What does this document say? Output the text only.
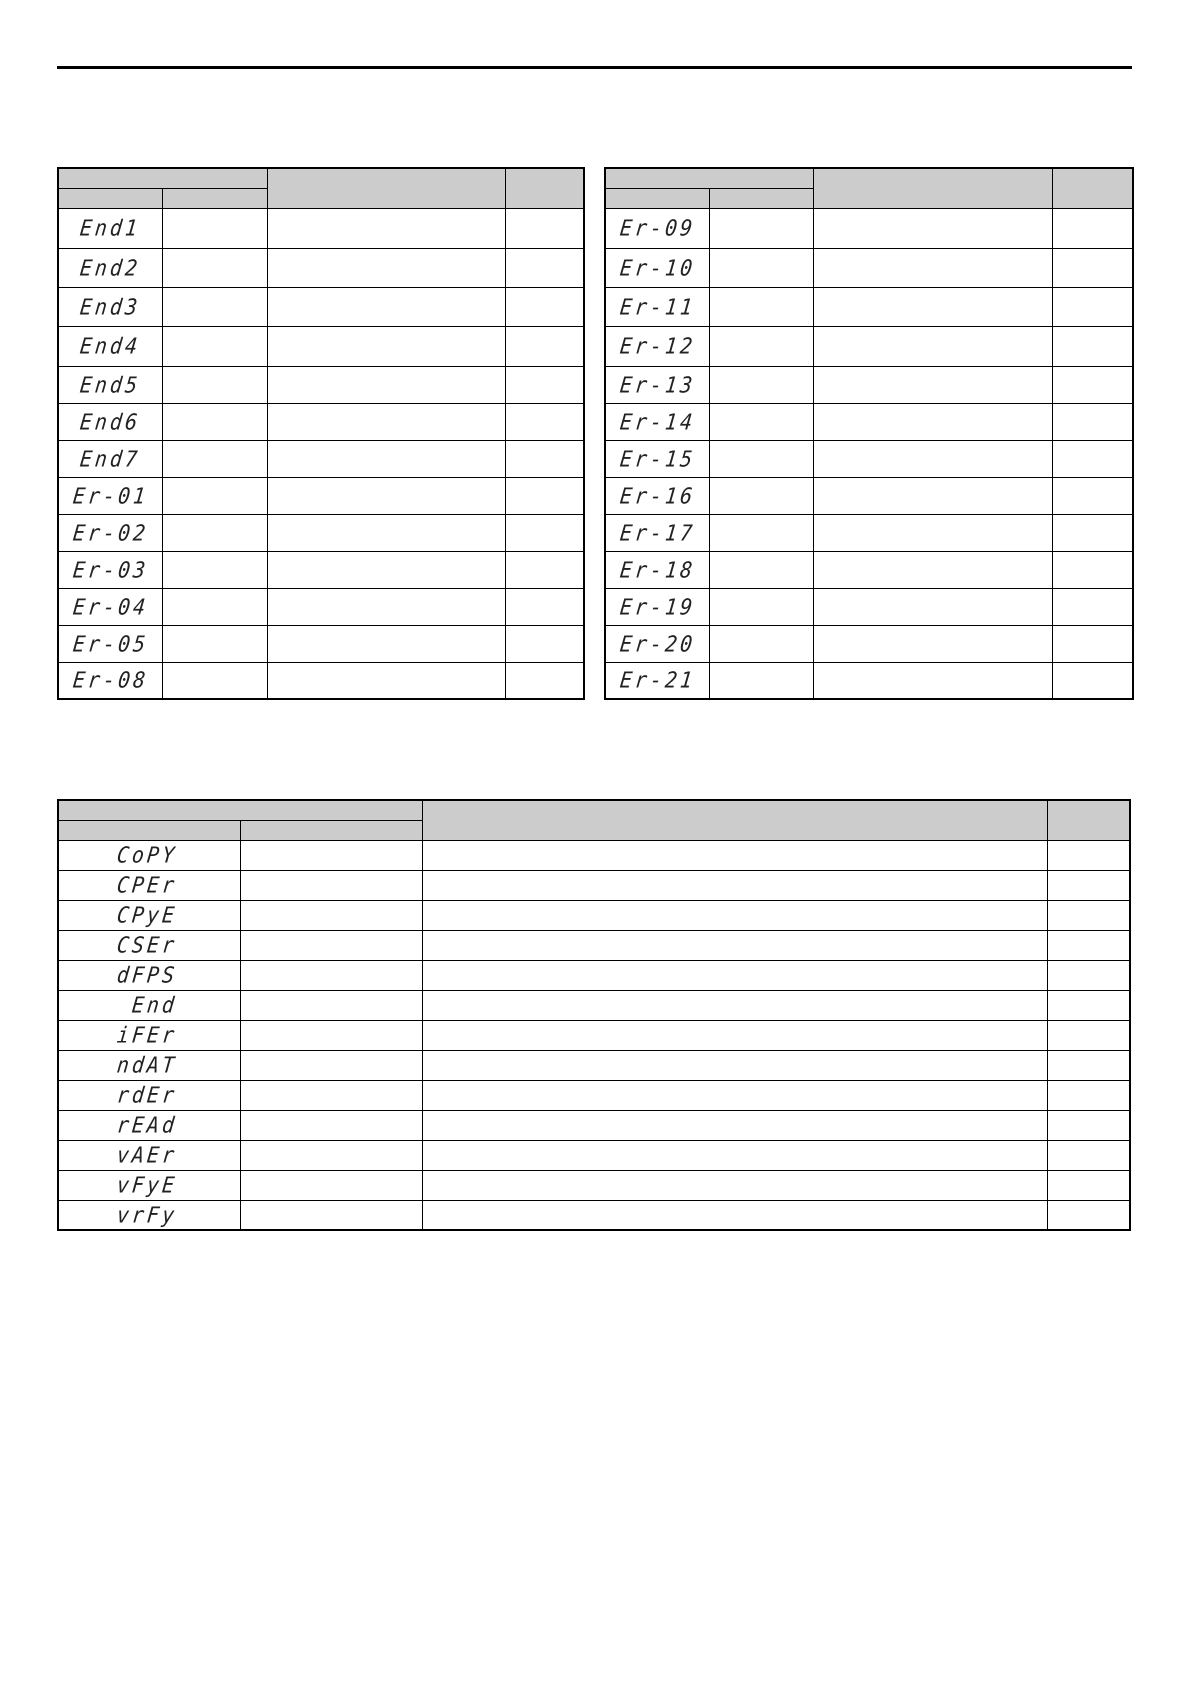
End1			
End2			
End3			
End4			
End5			
End6			
End7			
Er-01			
Er-02			
Er-03			
Er-04			
Er-05			
Er-08			

Er-09			
Er-10			
Er-11			
Er-12			
Er-13			
Er-14			
Er-15			
Er-16			
Er-17			
Er-18			
Er-19			
Er-20			
Er-21			

CoPY			
CPEr			
CPyE			
CSEr			
dFPS			
End			
iFEr			
ndAT			
rdEr			
rEAd			
vAEr			
vFyE			
vrFy			
